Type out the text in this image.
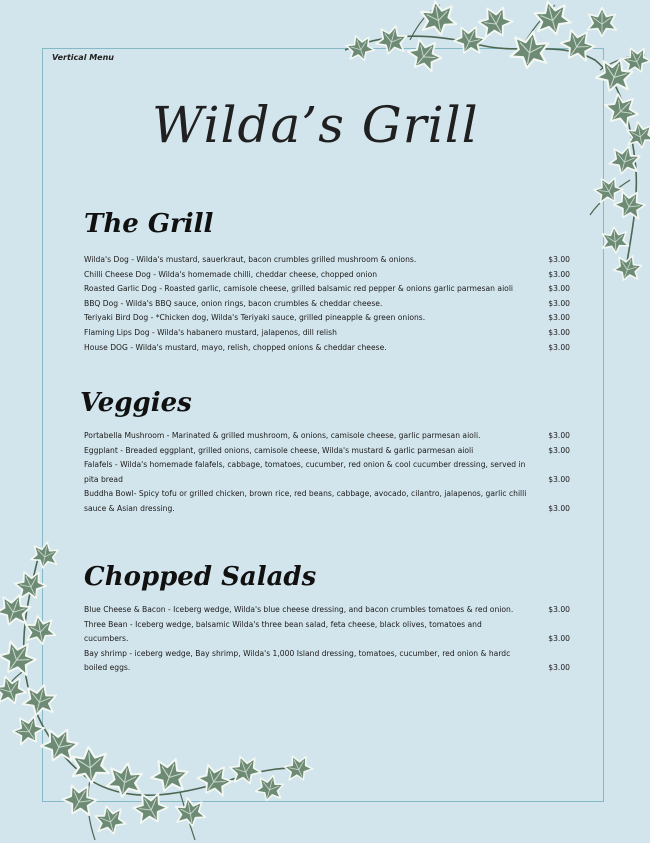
Vertical Menu
Wilda’s Grill
The Grill
Wilda's Dog - Wilda's mustard, sauerkraut, bacon crumbles grilled mushroom & onions.	$3.00
Chilli Cheese Dog - Wilda's homemade chilli, cheddar cheese, chopped onion	$3.00
Roasted Garlic Dog - Roasted garlic, camisole cheese, grilled balsamic red pepper & onions garlic parmesan aioli	$3.00
BBQ Dog - Wilda's BBQ sauce, onion rings, bacon crumbles & cheddar cheese.	$3.00
Teriyaki Bird Dog - *Chicken dog, Wilda's Teriyaki sauce, grilled pineapple & green onions.	$3.00
Flaming Lips Dog - Wilda's habanero mustard, jalapenos, dill relish	$3.00
House DOG - Wilda's mustard, mayo, relish, chopped onions & cheddar cheese.	$3.00
Veggies
Portabella Mushroom - Marinated & grilled mushroom, & onions, camisole cheese, garlic parmesan aioli.	$3.00
Eggplant - Breaded eggplant, grilled onions, camisole cheese, Wilda's mustard & garlic parmesan aioli	$3.00
Falafels - Wilda's homemade falafels, cabbage, tomatoes, cucumber, red onion & cool cucumber dressing, served in pita bread	$3.00
Buddha Bowl- Spicy tofu or grilled chicken, brown rice, red beans, cabbage, avocado, cilantro, jalapenos, garlic chilli sauce & Asian dressing.	$3.00
Chopped Salads
Blue Cheese & Bacon - Iceberg wedge, Wilda's blue cheese dressing, and bacon crumbles tomatoes & red onion.	$3.00
Three Bean - Iceberg wedge, balsamic Wilda's three bean salad, feta cheese, black olives, tomatoes and cucumbers.	$3.00
Bay shrimp - iceberg wedge, Bay shrimp, Wilda's 1,000 Island dressing, tomatoes, cucumber, red onion & hardc boiled eggs.	$3.00
